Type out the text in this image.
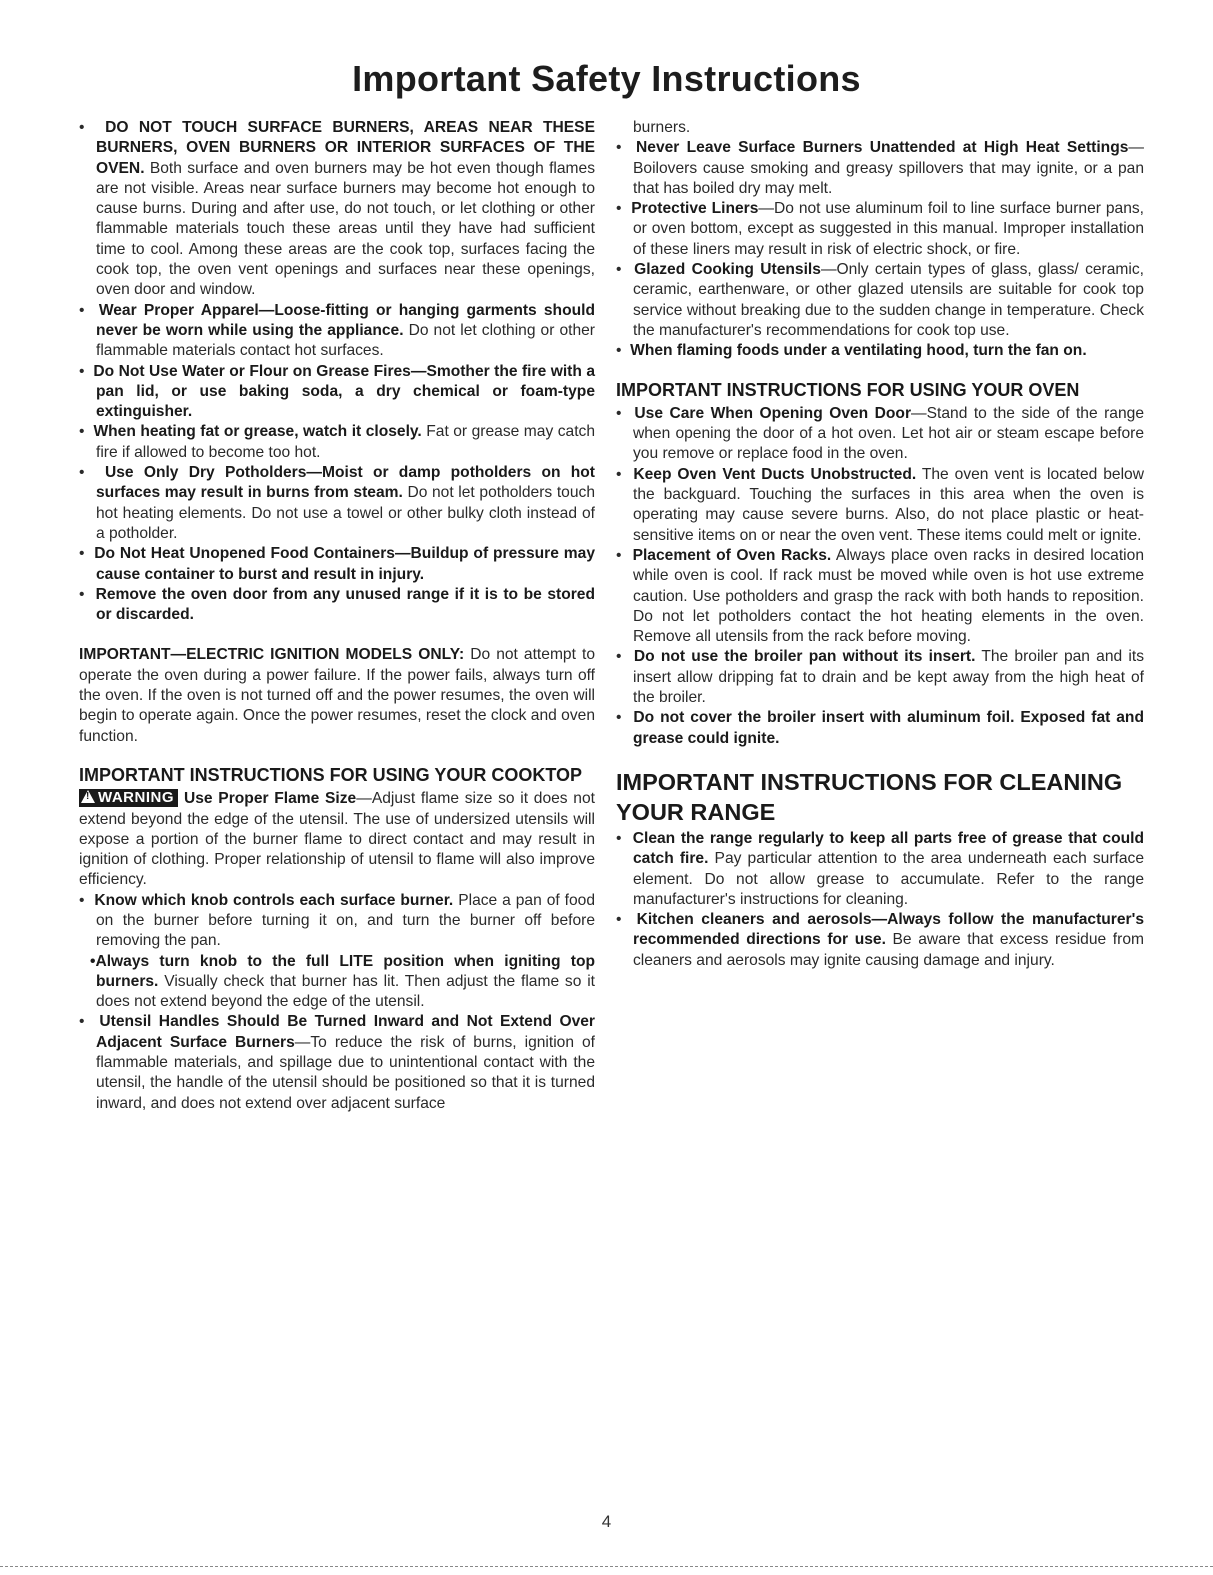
Important Safety Instructions

• DO NOT TOUCH SURFACE BURNERS, AREAS NEAR THESE BURNERS, OVEN BURNERS OR INTERIOR SURFACES OF THE OVEN. Both surface and oven burners may be hot even though flames are not visible. Areas near surface burners may become hot enough to cause burns. During and after use, do not touch, or let clothing or other flammable materials touch these areas until they have had sufficient time to cool. Among these areas are the cook top, surfaces facing the cook top, the oven vent openings and surfaces near these openings, oven door and window.

• Wear Proper Apparel—Loose-fitting or hanging garments should never be worn while using the appliance. Do not let clothing or other flammable materials contact hot surfaces.

• Do Not Use Water or Flour on Grease Fires—Smother the fire with a pan lid, or use baking soda, a dry chemical or foam-type extinguisher.

• When heating fat or grease, watch it closely. Fat or grease may catch fire if allowed to become too hot.

• Use Only Dry Potholders—Moist or damp potholders on hot surfaces may result in burns from steam. Do not let potholders touch hot heating elements. Do not use a towel or other bulky cloth instead of a potholder.

• Do Not Heat Unopened Food Containers—Buildup of pressure may cause container to burst and result in injury.

• Remove the oven door from any unused range if it is to be stored or discarded.

IMPORTANT—ELECTRIC IGNITION MODELS ONLY: Do not attempt to operate the oven during a power failure. If the power fails, always turn off the oven. If the oven is not turned off and the power resumes, the oven will begin to operate again. Once the power resumes, reset the clock and oven function.

IMPORTANT INSTRUCTIONS FOR USING YOUR COOKTOP

!WARNING Use Proper Flame Size—Adjust flame size so it does not extend beyond the edge of the utensil. The use of undersized utensils will expose a portion of the burner flame to direct contact and may result in ignition of clothing. Proper relationship of utensil to flame will also improve efficiency.

• Know which knob controls each surface burner. Place a pan of food on the burner before turning it on, and turn the burner off before removing the pan.

•Always turn knob to the full LITE position when igniting top burners. Visually check that burner has lit. Then adjust the flame so it does not extend beyond the edge of the utensil.

• Utensil Handles Should Be Turned Inward and Not Extend Over Adjacent Surface Burners—To reduce the risk of burns, ignition of flammable materials, and spillage due to unintentional contact with the utensil, the handle of the utensil should be positioned so that it is turned inward, and does not extend over adjacent surface

burners.

• Never Leave Surface Burners Unattended at High Heat Settings—Boilovers cause smoking and greasy spillovers that may ignite, or a pan that has boiled dry may melt.

• Protective Liners—Do not use aluminum foil to line surface burner pans, or oven bottom, except as suggested in this manual. Improper installation of these liners may result in risk of electric shock, or fire.

• Glazed Cooking Utensils—Only certain types of glass, glass/ ceramic, ceramic, earthenware, or other glazed utensils are suitable for cook top service without breaking due to the sudden change in temperature. Check the manufacturer's recommendations for cook top use.

• When flaming foods under a ventilating hood, turn the fan on.

IMPORTANT INSTRUCTIONS FOR USING YOUR OVEN

• Use Care When Opening Oven Door—Stand to the side of the range when opening the door of a hot oven. Let hot air or steam escape before you remove or replace food in the oven.

• Keep Oven Vent Ducts Unobstructed. The oven vent is located below the backguard. Touching the surfaces in this area when the oven is operating may cause severe burns. Also, do not place plastic or heat-sensitive items on or near the oven vent. These items could melt or ignite.

• Placement of Oven Racks. Always place oven racks in desired location while oven is cool. If rack must be moved while oven is hot use extreme caution. Use potholders and grasp the rack with both hands to reposition. Do not let potholders contact the hot heating elements in the oven. Remove all utensils from the rack before moving.

• Do not use the broiler pan without its insert. The broiler pan and its insert allow dripping fat to drain and be kept away from the high heat of the broiler.

• Do not cover the broiler insert with aluminum foil. Exposed fat and grease could ignite.

IMPORTANT INSTRUCTIONS FOR CLEANING YOUR RANGE

• Clean the range regularly to keep all parts free of grease that could catch fire. Pay particular attention to the area underneath each surface element. Do not allow grease to accumulate. Refer to the range manufacturer's instructions for cleaning.

• Kitchen cleaners and aerosols—Always follow the manufacturer's recommended directions for use. Be aware that excess residue from cleaners and aerosols may ignite causing damage and injury.

4
